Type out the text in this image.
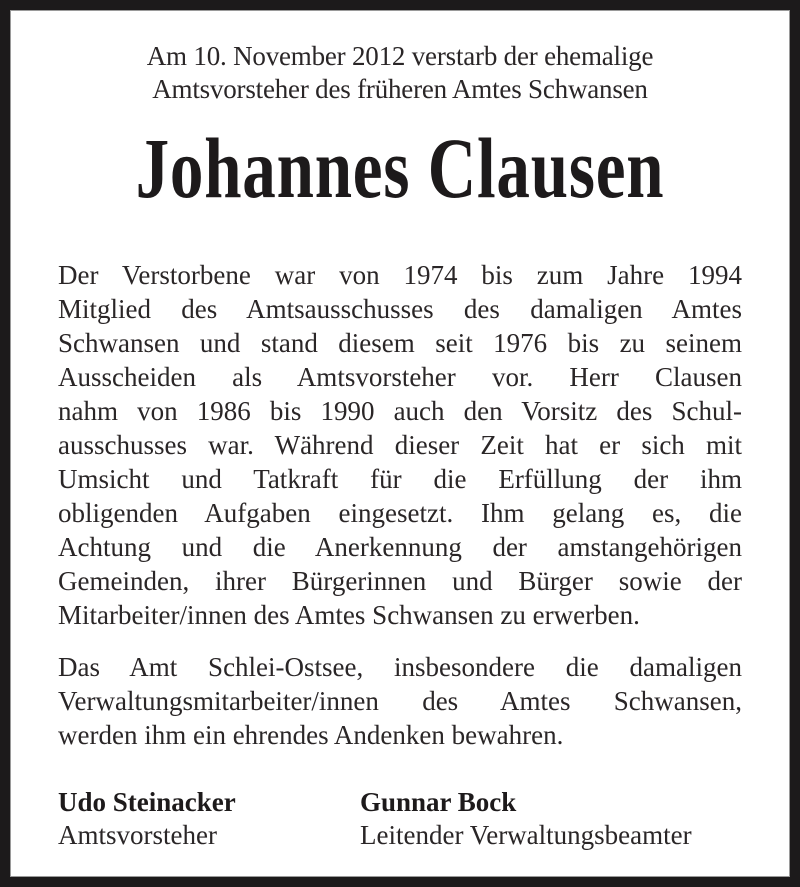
Am 10. November 2012 verstarb der ehemalige
Amtsvorsteher des früheren Amtes Schwansen
Johannes Clausen

Der Verstorbene war von 1974 bis zum Jahre 1994
Mitglied des Amtsausschusses des damaligen Amtes
Schwansen und stand diesem seit 1976 bis zu seinem
Ausscheiden als Amtsvorsteher vor. Herr Clausen
nahm von 1986 bis 1990 auch den Vorsitz des Schul-
ausschusses war. Während dieser Zeit hat er sich mit
Umsicht und Tatkraft für die Erfüllung der ihm
obligenden Aufgaben eingesetzt. Ihm gelang es, die
Achtung und die Anerkennung der amstangehörigen
Gemeinden, ihrer Bürgerinnen und Bürger sowie der
Mitarbeiter/innen des Amtes Schwansen zu erwerben.

Das Amt Schlei-Ostsee, insbesondere die damaligen
Verwaltungsmitarbeiter/innen des Amtes Schwansen,
werden ihm ein ehrendes Andenken bewahren.

Udo Steinacker
Amtsvorsteher
Gunnar Bock
Leitender Verwaltungsbeamter
